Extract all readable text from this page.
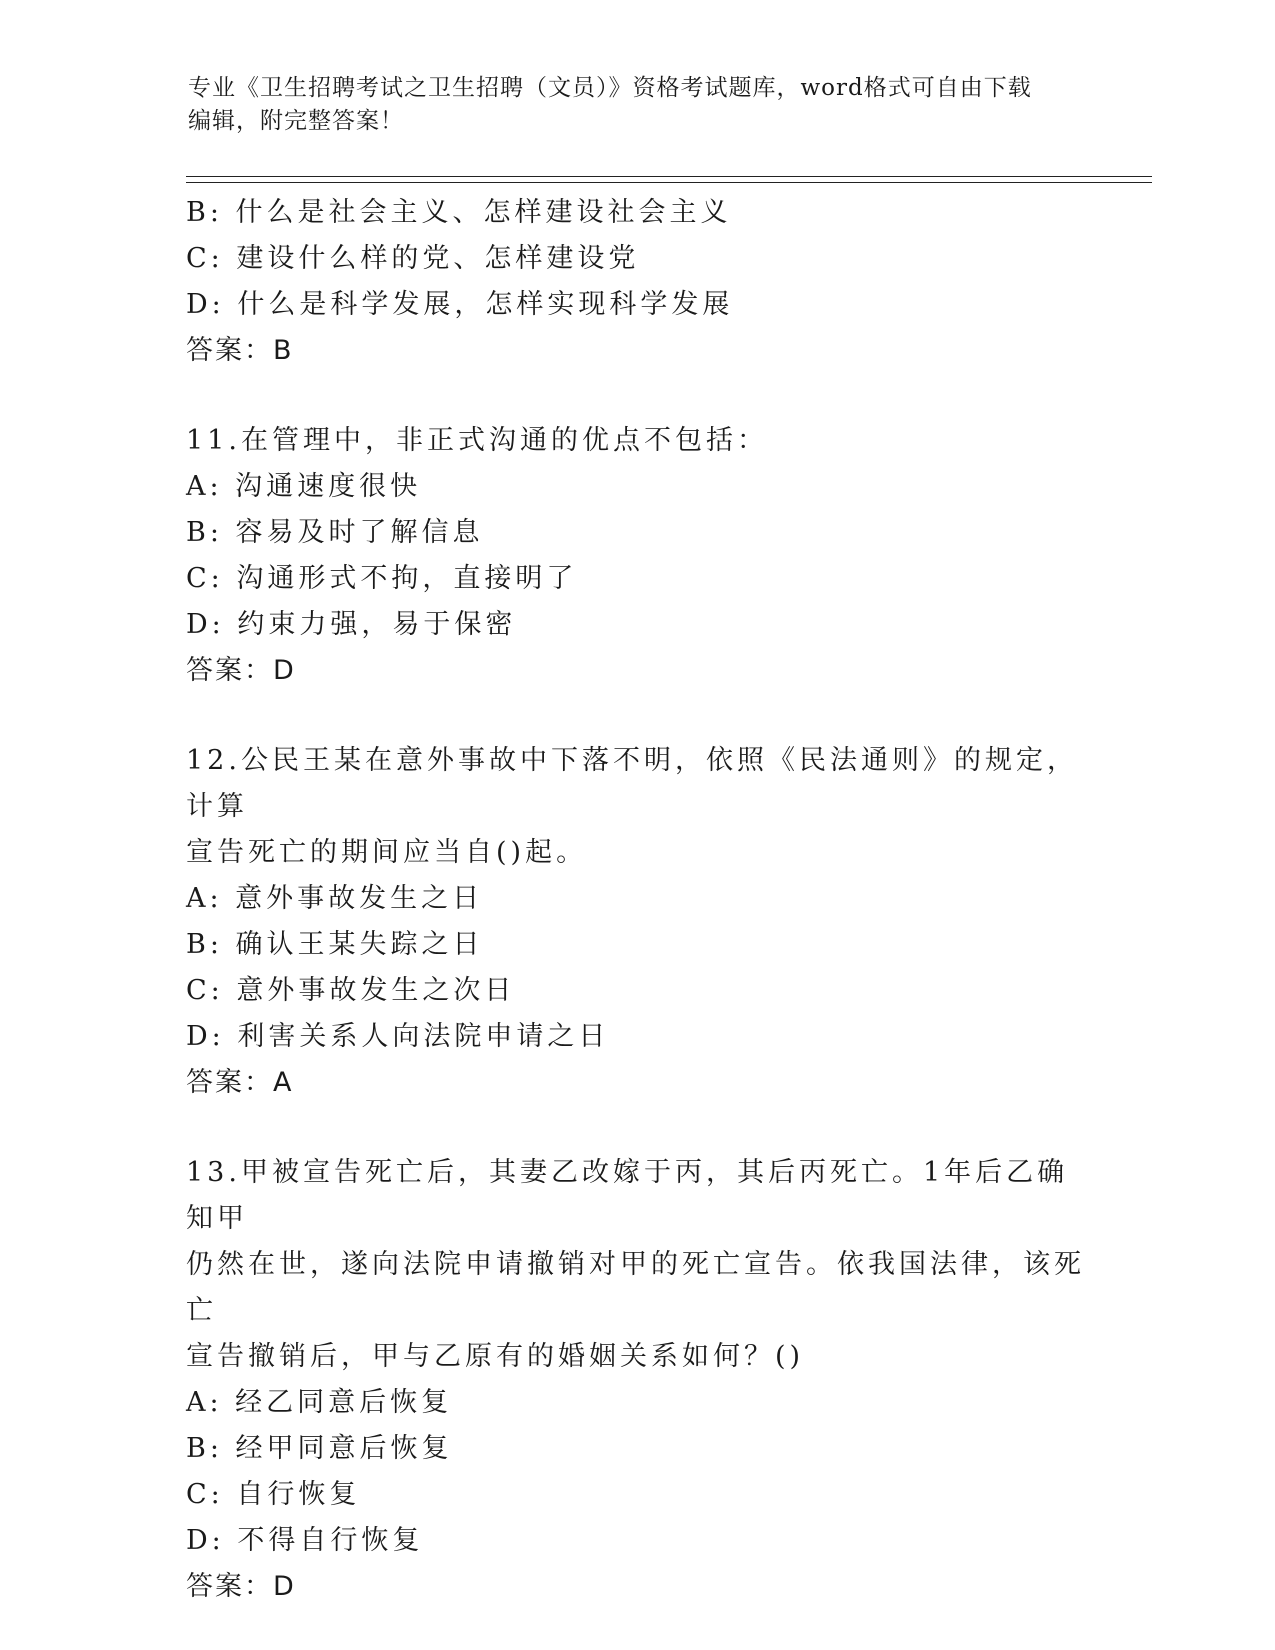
专业《卫生招聘考试之卫生招聘（文员）》资格考试题库，word格式可自由下载
编辑，附完整答案！
B: 什么是社会主义、怎样建设社会主义
C: 建设什么样的党、怎样建设党
D: 什么是科学发展，怎样实现科学发展
答案：B
11.在管理中，非正式沟通的优点不包括：
A: 沟通速度很快
B: 容易及时了解信息
C: 沟通形式不拘，直接明了
D: 约束力强，易于保密
答案：D
12.公民王某在意外事故中下落不明，依照《民法通则》的规定，计算
宣告死亡的期间应当自()起。
A: 意外事故发生之日
B: 确认王某失踪之日
C: 意外事故发生之次日
D: 利害关系人向法院申请之日
答案：A
13.甲被宣告死亡后，其妻乙改嫁于丙，其后丙死亡。1年后乙确知甲
仍然在世，遂向法院申请撤销对甲的死亡宣告。依我国法律，该死亡
宣告撤销后，甲与乙原有的婚姻关系如何？()
A: 经乙同意后恢复
B: 经甲同意后恢复
C: 自行恢复
D: 不得自行恢复
答案：D
